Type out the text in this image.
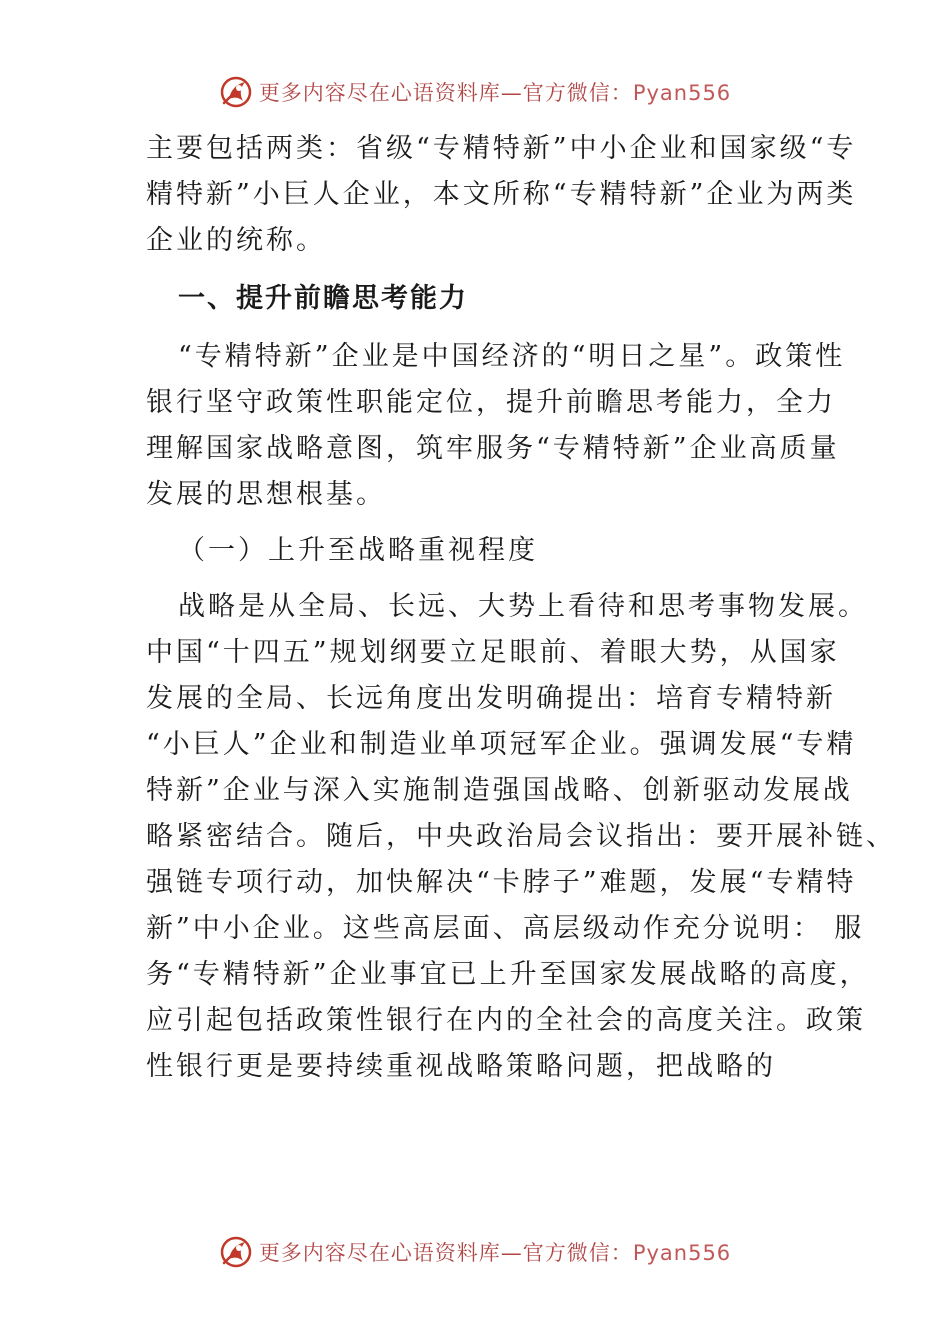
更多内容尽在心语资料库—官方微信：Pyan556
主要包括两类：省级“专精特新”中小企业和国家级“专
精特新”小巨人企业，本文所称“专精特新”企业为两类
企业的统称。
一、提升前瞻思考能力
“专精特新”企业是中国经济的“明日之星”。政策性
银行坚守政策性职能定位，提升前瞻思考能力，全力
理解国家战略意图，筑牢服务“专精特新”企业高质量
发展的思想根基。
（一）上升至战略重视程度
战略是从全局、长远、大势上看待和思考事物发展。
中国“十四五”规划纲要立足眼前、着眼大势，从国家
发展的全局、长远角度出发明确提出：培育专精特新
“小巨人”企业和制造业单项冠军企业。强调发展“专精
特新”企业与深入实施制造强国战略、创新驱动发展战
略紧密结合。随后，中央政治局会议指出：要开展补链、
强链专项行动，加快解决“卡脖子”难题，发展“专精特
新”中小企业。这些高层面、高层级动作充分说明： 服
务“专精特新”企业事宜已上升至国家发展战略的高度，
应引起包括政策性银行在内的全社会的高度关注。政策
性银行更是要持续重视战略策略问题，把战略的
更多内容尽在心语资料库—官方微信：Pyan556
